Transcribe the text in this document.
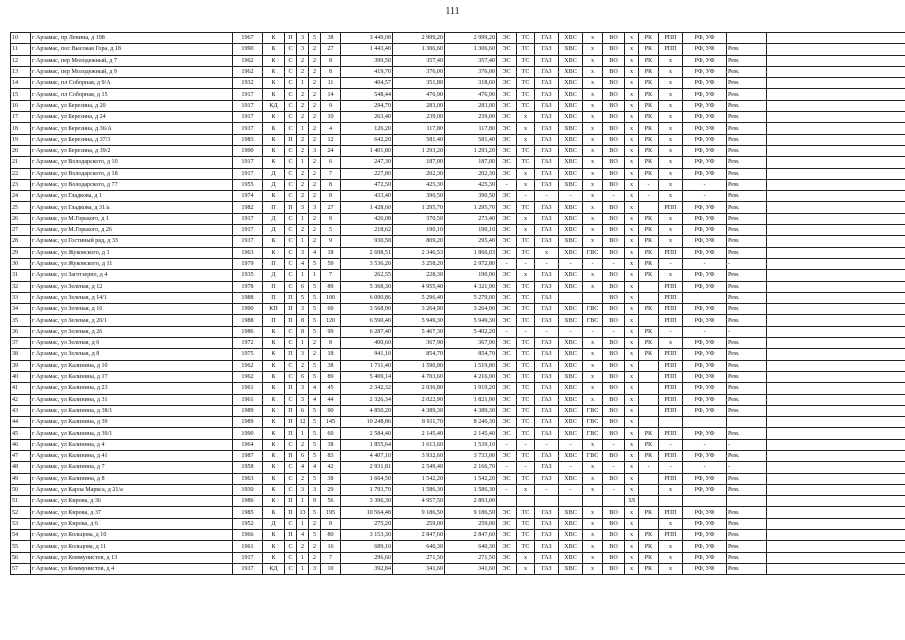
111
10	г Арзамас, пр Ленина, д 198	1967	К	П	3	5	38	3 449,08	2 999,20	2 999,20	ЭС	ТС	ГАЗ	ХВС	х	ВО	х	РК	РПП	РФ, УФ		
11	г Арзамас, пос Высокая Гора, д 18	1990	К	С	3	2	27	1 443,40	1 306,60	1 306,60	ЭС	ТС	ГАЗ	ХВС	х	ВО	х	РК	РПП	РФ, УФ	Рем.	
12	г Арзамас, пер Молодежный, д 7	1962	К	С	2	2	8	399,50	357,40	357,40	ЭС	ТС	ГАЗ	ХВС	х	ВО	х	РК	х	РФ, УФ	Рем.	
13	г Арзамас, пер Молодежный, д 9	1962	К	С	2	2	8	419,70	376,00	376,00	ЭС	ТС	ГАЗ	ХВС	х	ВО	х	РК	х	РФ, УФ	Рем.	
14	г Арзамас, пл Соборная, д 9/А	1932	К	С	1	2	11	404,57	351,80	318,60	ЭС	ТС	ГАЗ	ХВС	х	ВО	х	РК	х	РФ, УФ	Рем.	
15	г Арзамас, пл Соборная, д 15	1917	К	С	2	2	14	548,44	476,90	476,90	ЭС	ТС	ГАЗ	ХВС	х	ВО	х	РК	х	РФ, УФ	Рем.	
16	г Арзамас, ул Березина, д 20	1917	КД	С	2	2	9	294,70	283,00	283,00	ЭС	ТС	ГАЗ	ХВС	х	ВО	х	РК	х	РФ, УФ	Рем.	
17	г Арзамас, ул Березина, д 24	1917	К	С	2	2	10	263,40	239,00	239,00	ЭС	х	ГАЗ	ХВС	х	ВО	х	РК	х	РФ, УФ	Рем.	
18	г Арзамас, ул Березина, д 36/А	1917	К	С	1	2	4	126,20	117,80	117,80	ЭС	х	ГАЗ	ХВС	х	ВО	х	РК	х	РФ, УФ	Рем.	
19	г Арзамас, ул Березина, д 37/3	1983	К	П	2	2	12	642,20	581,40	581,40	ЭС	х	ГАЗ	ХВС	х	ВО	х	РК	х	РФ, УФ	Рем.	
20	г Арзамас, ул Березина, д 39/2	1990	К	С	2	3	24	1 401,80	1 293,20	1 293,20	ЭС	ТС	ГАЗ	ХВС	х	ВО	х	РК	х	РФ, УФ	Рем.	
21	г Арзамас, ул Володарского, д 10	1917	К	С	1	2	6	247,30	187,00	187,00	ЭС	ТС	ГАЗ	ХВС	х	ВО	х	РК	х	РФ, УФ	Рем.	
22	г Арзамас, ул Володарского, д 18	1917	Д	С	2	2	7	227,80	202,30	202,30	ЭС	х	ГАЗ	ХВС	х	ВО	х	РК	х	РФ, УФ	Рем.	
23	г Арзамас, ул Володарского, д 77	1955	Д	С	2	2	8	472,50	425,30	425,30	-	х	ГАЗ	ХВС	х	ВО	х	-	х	-	Рем.	
24	г Арзамас, ул Гладкова, д 1	1974	К	С	2	2	8	433,40	390,50	390,50	ЭС	-	-	-	х	-	х	-	х	-	Рем.	
25	г Арзамас, ул Гладкова, д 31/а	1982	П	П	3	3	27	1 428,60	1 295,70	1 295,70	ЭС	ТС	ГАЗ	ХВС	х	ВО	х		РПП	РФ, УФ	Рем.	
26	г Арзамас, ул М.Горького, д 1	1917	Д	С	1	2	9	426,08	370,50	273,40	ЭС	х	ГАЗ	ХВС	х	ВО	х	РК	х	РФ, УФ	Рем.	
27	г Арзамас, ул М.Горького, д 26	1917	Д	С	2	2	5	218,62	190,10	190,10	ЭС	х	ГАЗ	ХВС	х	ВО	х	РК	х	РФ, УФ	Рем.	
28	г Арзамас, ул Гостиный ряд, д 33	1917	К	С	1	2	9	930,58	809,20	295,40	ЭС	ТС	ГАЗ	ХВС	х	ВО	х	РК	х	РФ, УФ	Рем.	
29	г Арзамас, ул Жуковского, д 1	1963	К	С	3	4	18	2 698,51	2 346,53	1 866,03	ЭС	ТС	х	ХВС	ГВС	ВО	х	РК	РПП	РФ, УФ	Рем.	
30	г Арзамас, ул Жуковского, д 11	1979	П	С	4	5	59	3 536,20	3 258,20	2 972,80	-	-	-	-	-	-	х	РК	-	-	-	
31	г Арзамас, ул Заготзерно, д 4	1935	Д	С	1	1	7	262,55	228,30	190,90	ЭС	х	ГАЗ	ХВС	х	ВО	х	РК	х	РФ, УФ	Рем.	
32	г Арзамас, ул Зеленая, д 12	1978	П	С	6	5	89	5 368,30	4 955,40	4 321,90	ЭС	ТС	ГАЗ	ХВС	х	ВО	х		РПП	РФ, УФ	Рем.	
33	г Арзамас, ул Зеленая, д 14/1	1988	П	П	5	5	100	6 090,86	5 296,40	5 279,00	ЭС	ТС	ГАЗ			ВО	х		РПП		Рем.	
34	г Арзамас, ул Зеленая, д 16	1990	КП	П	3	5	60	3 568,90	3 264,90	3 264,90	ЭС	ТС	ГАЗ	ХВС	ГВС	ВО	х	РК	РПП	РФ, УФ	Рем.	
35	г Арзамас, ул Зеленая, д 20/1	1988	П	П	8	5	120	6 590,40	5 949,30	5 949,30	ЭС	ТС	ГАЗ	ХВС	ГВС	ВО	х		РПП	РФ, УФ	Рем.	
36	г Арзамас, ул Зеленая, д 26	1986	К	С	8	5	99	6 287,40	5 467,30	5 402,20	-	-	-	-	-	-	х	РК	-	-	-	
37	г Арзамас, ул Зеленая, д 6	1972	К	С	1	2	8	400,60	367,90	367,90	ЭС	ТС	ГАЗ	ХВС	х	ВО	х	РК	х	РФ, УФ	Рем.	
38	г Арзамас, ул Зеленая, д 8	1975	К	П	3	2	18	941,10	854,70	854,70	ЭС	ТС	ГАЗ	ХВС	х	ВО	х	РК	РПП	РФ, УФ	Рем.	
39	г Арзамас, ул Калинина, д 10	1962	К	С	2	5	38	1 711,40	1 590,80	1 519,80	ЭС	ТС	ГАЗ	ХВС	х	ВО	х		РПП	РФ, УФ	Рем.	
40	г Арзамас, ул Калинина, д 17	1962	К	С	6	5	89	5 409,14	4 703,60	4 216,90	ЭС	ТС	ГАЗ	ХВС	х	ВО	х		РПП	РФ, УФ	Рем.	
41	г Арзамас, ул Калинина, д 23	1961	К	П	3	4	45	2 342,32	2 036,80	1 919,20	ЭС	ТС	ГАЗ	ХВС	х	ВО	х		РПП	РФ, УФ	Рем.	
42	г Арзамас, ул Калинина, д 31	1961	К	С	3	4	44	2 326,34	2 022,90	1 821,90	ЭС	ТС	ГАЗ	ХВС	х	ВО	х		РПП	РФ, УФ	Рем.	
43	г Арзамас, ул Калинина, д 38/1	1989	К	П	6	5	90	4 850,20	4 389,30	4 389,30	ЭС	ТС	ГАЗ	ХВС	ГВС	ВО	х		РПП	РФ, УФ	Рем.	
44	г Арзамас, ул Калинина, д 39	1989	К	П	12	5	145	10 248,86	8 911,70	8 246,30	ЭС	ТС	ГАЗ	ХВС	ГВС	ВО	х					
45	г Арзамас, ул Калинина, д 39/1	1990	К	П	1	5	60	2 584,40	2 145,40	2 145,40	ЭС	ТС	ГАЗ	ХВС	ГВС	ВО	х	РК	РПП	РФ, УФ	Рем.	
46	г Арзамас, ул Калинина, д 4	1964	К	С	2	5	38	1 855,64	1 613,60	1 539,10	-	-	-	-	х	-	х	РК	-	-	-	
47	г Арзамас, ул Калинина, д 41	1987	К	П	6	5	83	4 407,10	3 932,60	3 733,00	ЭС	ТС	ГАЗ	ХВС	ГВС	ВО	х	РК	РПП	РФ, УФ	Рем.	
48	г Арзамас, ул Калинина, д 7	1958	К	С	4	4	42	2 931,81	2 549,40	2 166,70	-	-	ГАЗ	-	х	-	х	-	-	-	-	
49	г Арзамас, ул Калинина, д 8	1963	К	С	2	5	38	1 664,50	1 542,20	1 542,20	ЭС	ТС	ГАЗ	ХВС	х	ВО	х		РПП	РФ, УФ	Рем.	
50	г Арзамас, ул Карла Маркса, д 21/а	1930	К	С	3	3	29	1 793,70	1 586,30	1 586,30	-	х	-	-	х	-	х		х	РФ, УФ	Рем.	
51	г Арзамас, ул Кирова, д 36	1986	К	П	1	9	56	3 396,30	4 957,50	2 893,00							ЗЛ					
52	г Арзамас, ул Кирова, д 37	1985	К	П	13	5	195	10 564,48	9 186,50	9 186,50	ЭС	ТС	ГАЗ	ХВС	х	ВО	х	РК	РПП	РФ, УФ	Рем.	
53	г Арзамас, ул Кирова, д 6	1952	Д	С	1	2	8	275,20	259,00	259,00	ЭС	ТС	ГАЗ	ХВС	х	ВО	х		х	РФ, УФ	Рем.	
54	г Арзамас, ул Кольцова, д 10	1966	К	П	4	5	80	3 153,30	2 847,60	2 847,60	ЭС	ТС	ГАЗ	ХВС	х	ВО	х	РК	РПП	РФ, УФ	Рем.	
55	г Арзамас, ул Кольцова, д 11	1961	К	С	2	2	16	689,10	640,30	640,30	ЭС	ТС	ГАЗ	ХВС	х	ВО	х	РК	х	РФ, УФ	Рем.	
56	г Арзамас, ул Коммунистов, д 13	1917	К	С	1	2	7	296,60	271,50	271,50	ЭС	х	ГАЗ	ХВС	х	ВО	х	РК	х	РФ, УФ	Рем.	
57	г Арзамас, ул Коммунистов, д 4	1917	КД	С	1	3	10	392,84	341,60	341,60	ЭС	х	ГАЗ	ХВС	х	ВО	х	РК	х	РФ, УФ	Рем.	
